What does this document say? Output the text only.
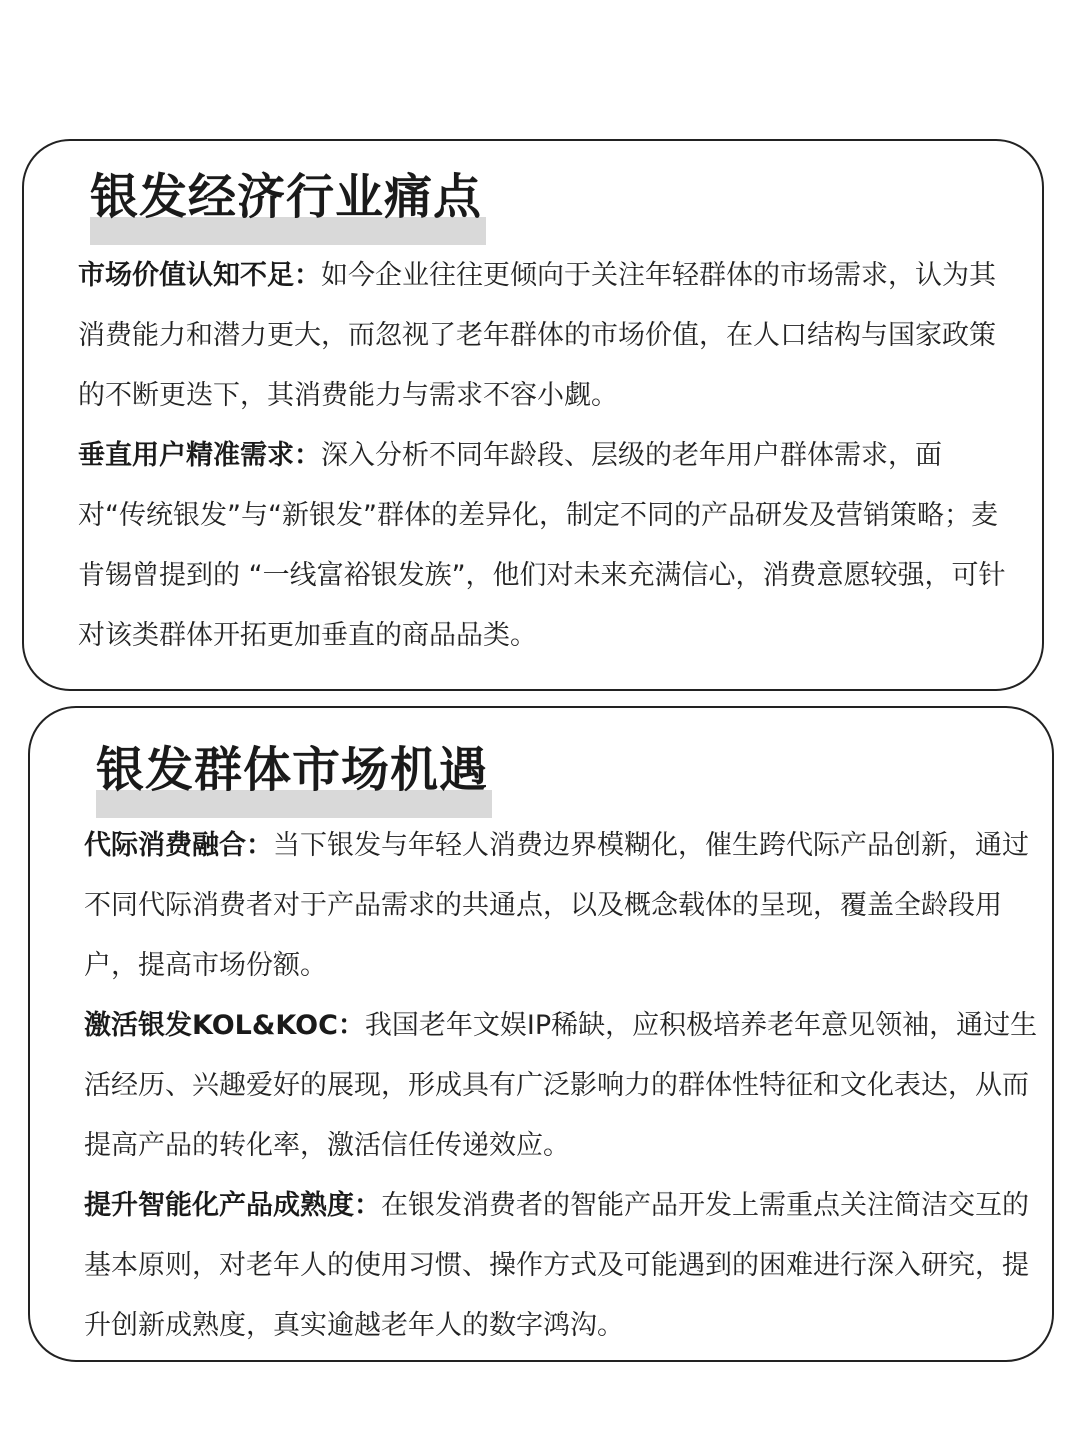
银发经济行业痛点

市场价值认知不足：如今企业往往更倾向于关注年轻群体的市场需求，认为其消费能力和潜力更大，而忽视了老年群体的市场价值，在人口结构与国家政策的不断更迭下，其消费能力与需求不容小觑。

垂直用户精准需求：深入分析不同年龄段、层级的老年用户群体需求，面对“传统银发”与“新银发”群体的差异化，制定不同的产品研发及营销策略；麦肯锡曾提到的 “一线富裕银发族”，他们对未来充满信心，消费意愿较强，可针对该类群体开拓更加垂直的商品品类。

银发群体市场机遇

代际消费融合：当下银发与年轻人消费边界模糊化，催生跨代际产品创新，通过不同代际消费者对于产品需求的共通点，以及概念载体的呈现，覆盖全龄段用户，提高市场份额。

激活银发KOL&KOC：我国老年文娱IP稀缺，应积极培养老年意见领袖，通过生活经历、兴趣爱好的展现，形成具有广泛影响力的群体性特征和文化表达，从而提高产品的转化率，激活信任传递效应。

提升智能化产品成熟度：在银发消费者的智能产品开发上需重点关注简洁交互的基本原则，对老年人的使用习惯、操作方式及可能遇到的困难进行深入研究，提升创新成熟度，真实逾越老年人的数字鸿沟。
